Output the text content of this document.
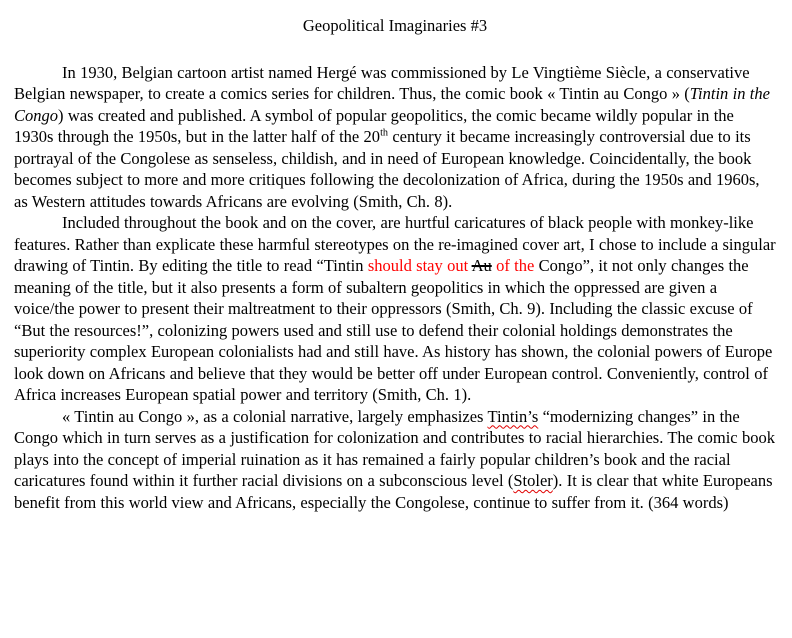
Geopolitical Imaginaries #3

In 1930, Belgian cartoon artist named Hergé was commissioned by Le Vingtième Siècle, a conservative Belgian newspaper, to create a comics series for children. Thus, the comic book « Tintin au Congo » (Tintin in the Congo) was created and published. A symbol of popular geopolitics, the comic became wildly popular in the 1930s through the 1950s, but in the latter half of the 20th century it became increasingly controversial due to its portrayal of the Congolese as senseless, childish, and in need of European knowledge. Coincidentally, the book becomes subject to more and more critiques following the decolonization of Africa, during the 1950s and 1960s, as Western attitudes towards Africans are evolving (Smith, Ch. 8).

Included throughout the book and on the cover, are hurtful caricatures of black people with monkey-like features. Rather than explicate these harmful stereotypes on the re-imagined cover art, I chose to include a singular drawing of Tintin. By editing the title to read “Tintin should stay out Au of the Congo”, it not only changes the meaning of the title, but it also presents a form of subaltern geopolitics in which the oppressed are given a voice/the power to present their maltreatment to their oppressors (Smith, Ch. 9). Including the classic excuse of “But the resources!”, colonizing powers used and still use to defend their colonial holdings demonstrates the superiority complex European colonialists had and still have. As history has shown, the colonial powers of Europe look down on Africans and believe that they would be better off under European control. Conveniently, control of Africa increases European spatial power and territory (Smith, Ch. 1).

« Tintin au Congo », as a colonial narrative, largely emphasizes Tintin’s “modernizing changes” in the Congo which in turn serves as a justification for colonization and contributes to racial hierarchies. The comic book plays into the concept of imperial ruination as it has remained a fairly popular children’s book and the racial caricatures found within it further racial divisions on a subconscious level (Stoler). It is clear that white Europeans benefit from this world view and Africans, especially the Congolese, continue to suffer from it. (364 words)
